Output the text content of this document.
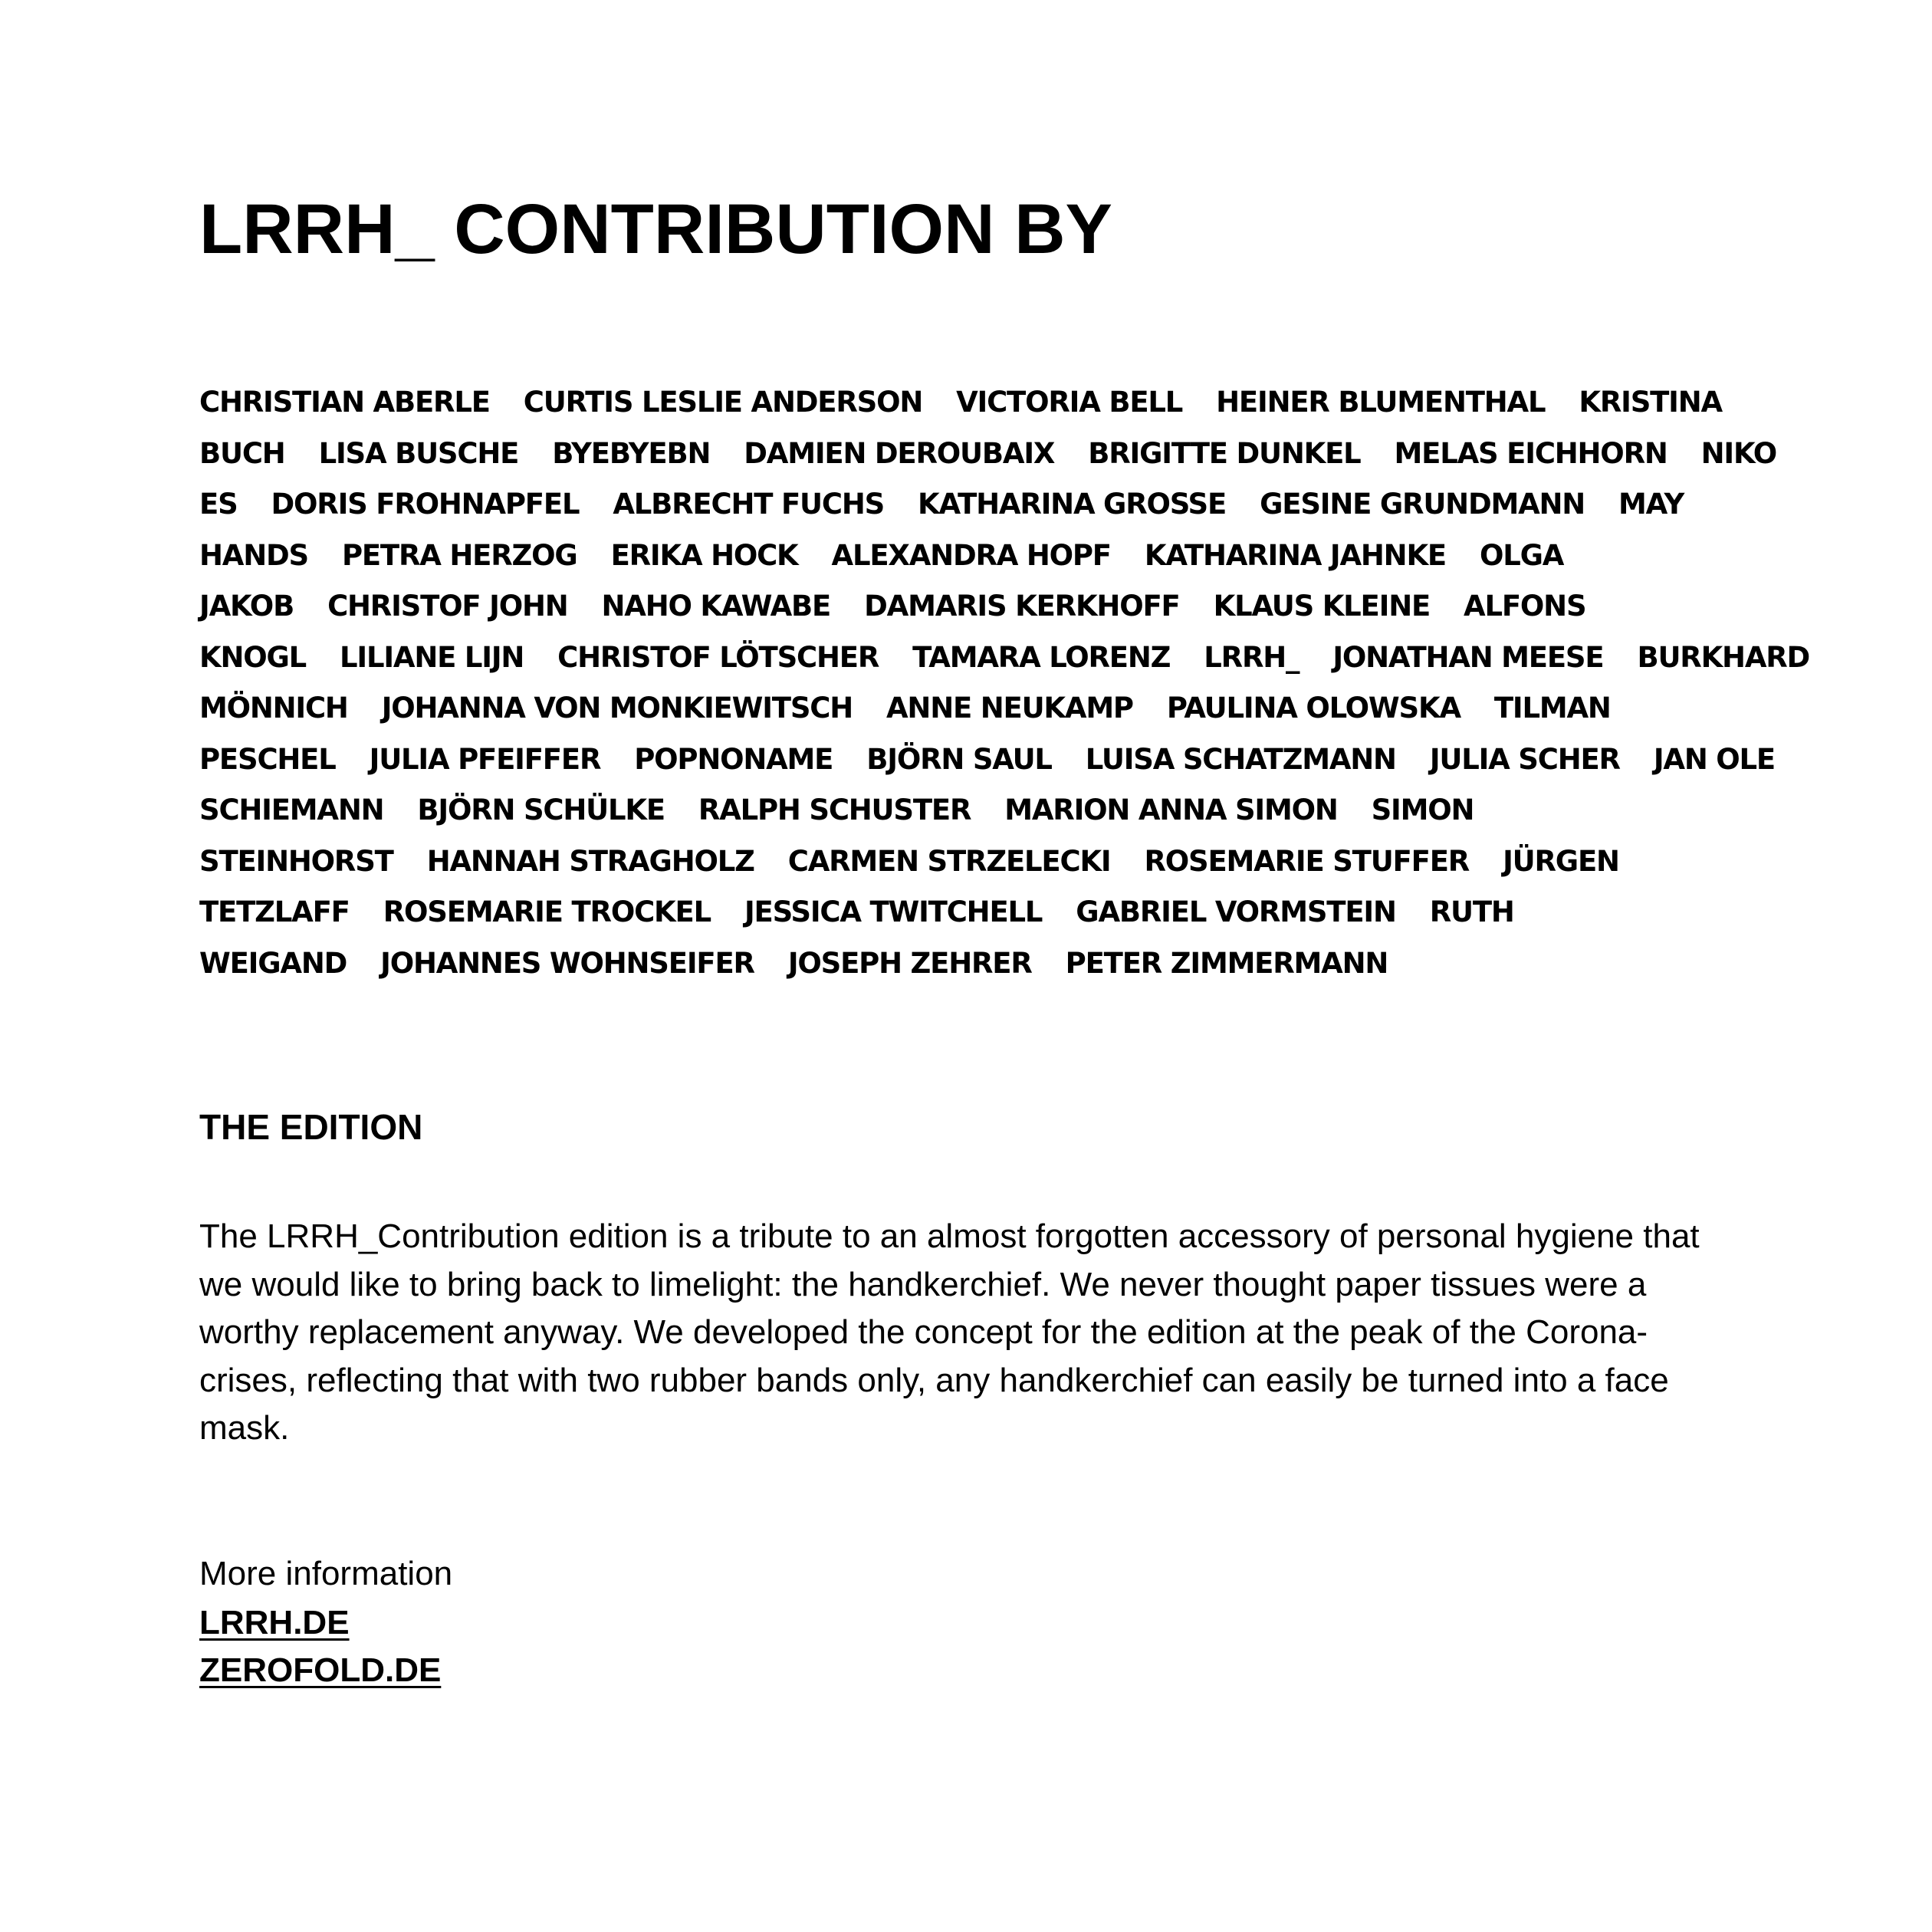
LRRH_ CONTRIBUTION BY
CHRISTIAN ABERLE CURTIS LESLIE ANDERSON VICTORIA BELL HEINER BLUMENTHAL KRISTINA
BUCH LISA BUSCHE BYEBYEBN DAMIEN DEROUBAIX BRIGITTE DUNKEL MELAS EICHHORN NIKO
ES DORIS FROHNAPFEL ALBRECHT FUCHS KATHARINA GROSSE GESINE GRUNDMANN MAY
HANDS PETRA HERZOG ERIKA HOCK ALEXANDRA HOPF KATHARINA JAHNKE OLGA
JAKOB CHRISTOF JOHN NAHO KAWABE DAMARIS KERKHOFF KLAUS KLEINE ALFONS
KNOGL LILIANE LIJN CHRISTOF LÖTSCHER TAMARA LORENZ LRRH_ JONATHAN MEESE BURKHARD
MÖNNICH JOHANNA VON MONKIEWITSCH ANNE NEUKAMP PAULINA OLOWSKA TILMAN
PESCHEL JULIA PFEIFFER POPNONAME BJÖRN SAUL LUISA SCHATZMANN JULIA SCHER JAN OLE
SCHIEMANN BJÖRN SCHÜLKE RALPH SCHUSTER MARION ANNA SIMON SIMON
STEINHORST HANNAH STRAGHOLZ CARMEN STRZELECKI ROSEMARIE STUFFER JÜRGEN
TETZLAFF ROSEMARIE TROCKEL JESSICA TWITCHELL GABRIEL VORMSTEIN RUTH
WEIGAND JOHANNES WOHNSEIFER JOSEPH ZEHRER PETER ZIMMERMANN
THE EDITION

The LRRH_Contribution edition is a tribute to an almost forgotten accessory of personal hygiene that
we would like to bring back to limelight: the handkerchief. We never thought paper tissues were a
worthy replacement anyway. We developed the concept for the edition at the peak of the Corona-
crises, reflecting that with two rubber bands only, any handkerchief can easily be turned into a face
mask.

More information
LRRH.DE
ZEROFOLD.DE
